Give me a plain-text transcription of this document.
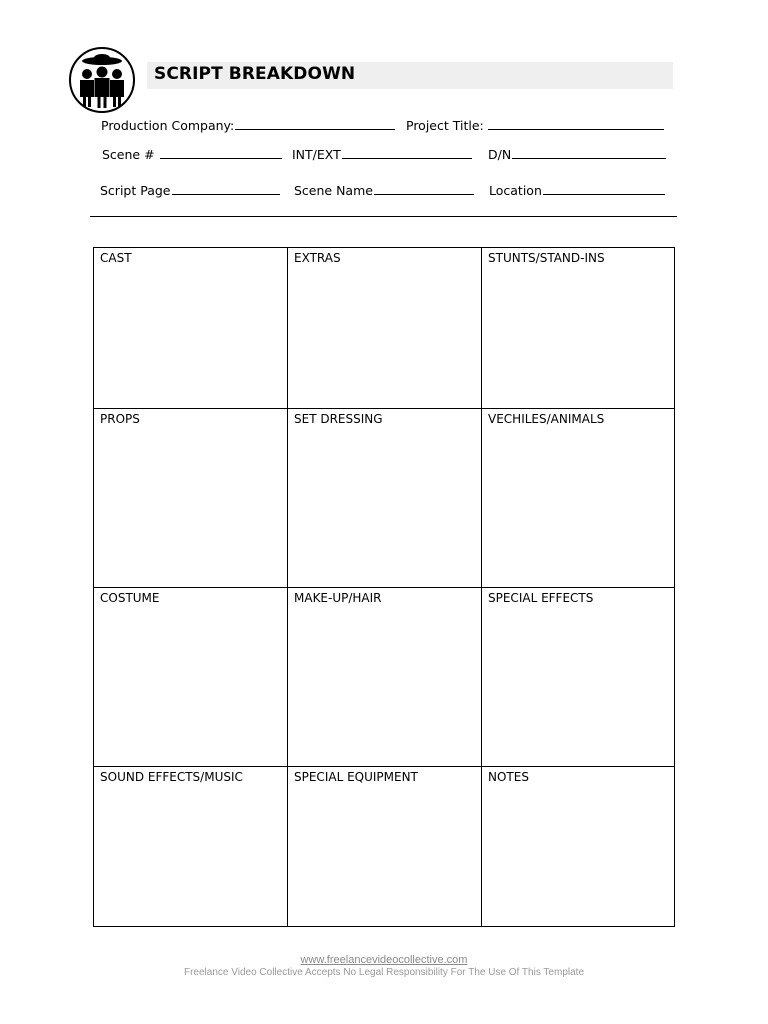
SCRIPT BREAKDOWN
Production Company:	Project Title:
Scene #	INT/EXT	D/N
Script Page	Scene Name	Location
CAST	EXTRAS	STUNTS/STAND-INS
PROPS	SET DRESSING	VECHILES/ANIMALS
COSTUME	MAKE-UP/HAIR	SPECIAL EFFECTS
SOUND EFFECTS/MUSIC	SPECIAL EQUIPMENT	NOTES
www.freelancevideocollective.com
Freelance Video Collective Accepts No Legal Responsibility For The Use Of This Template
